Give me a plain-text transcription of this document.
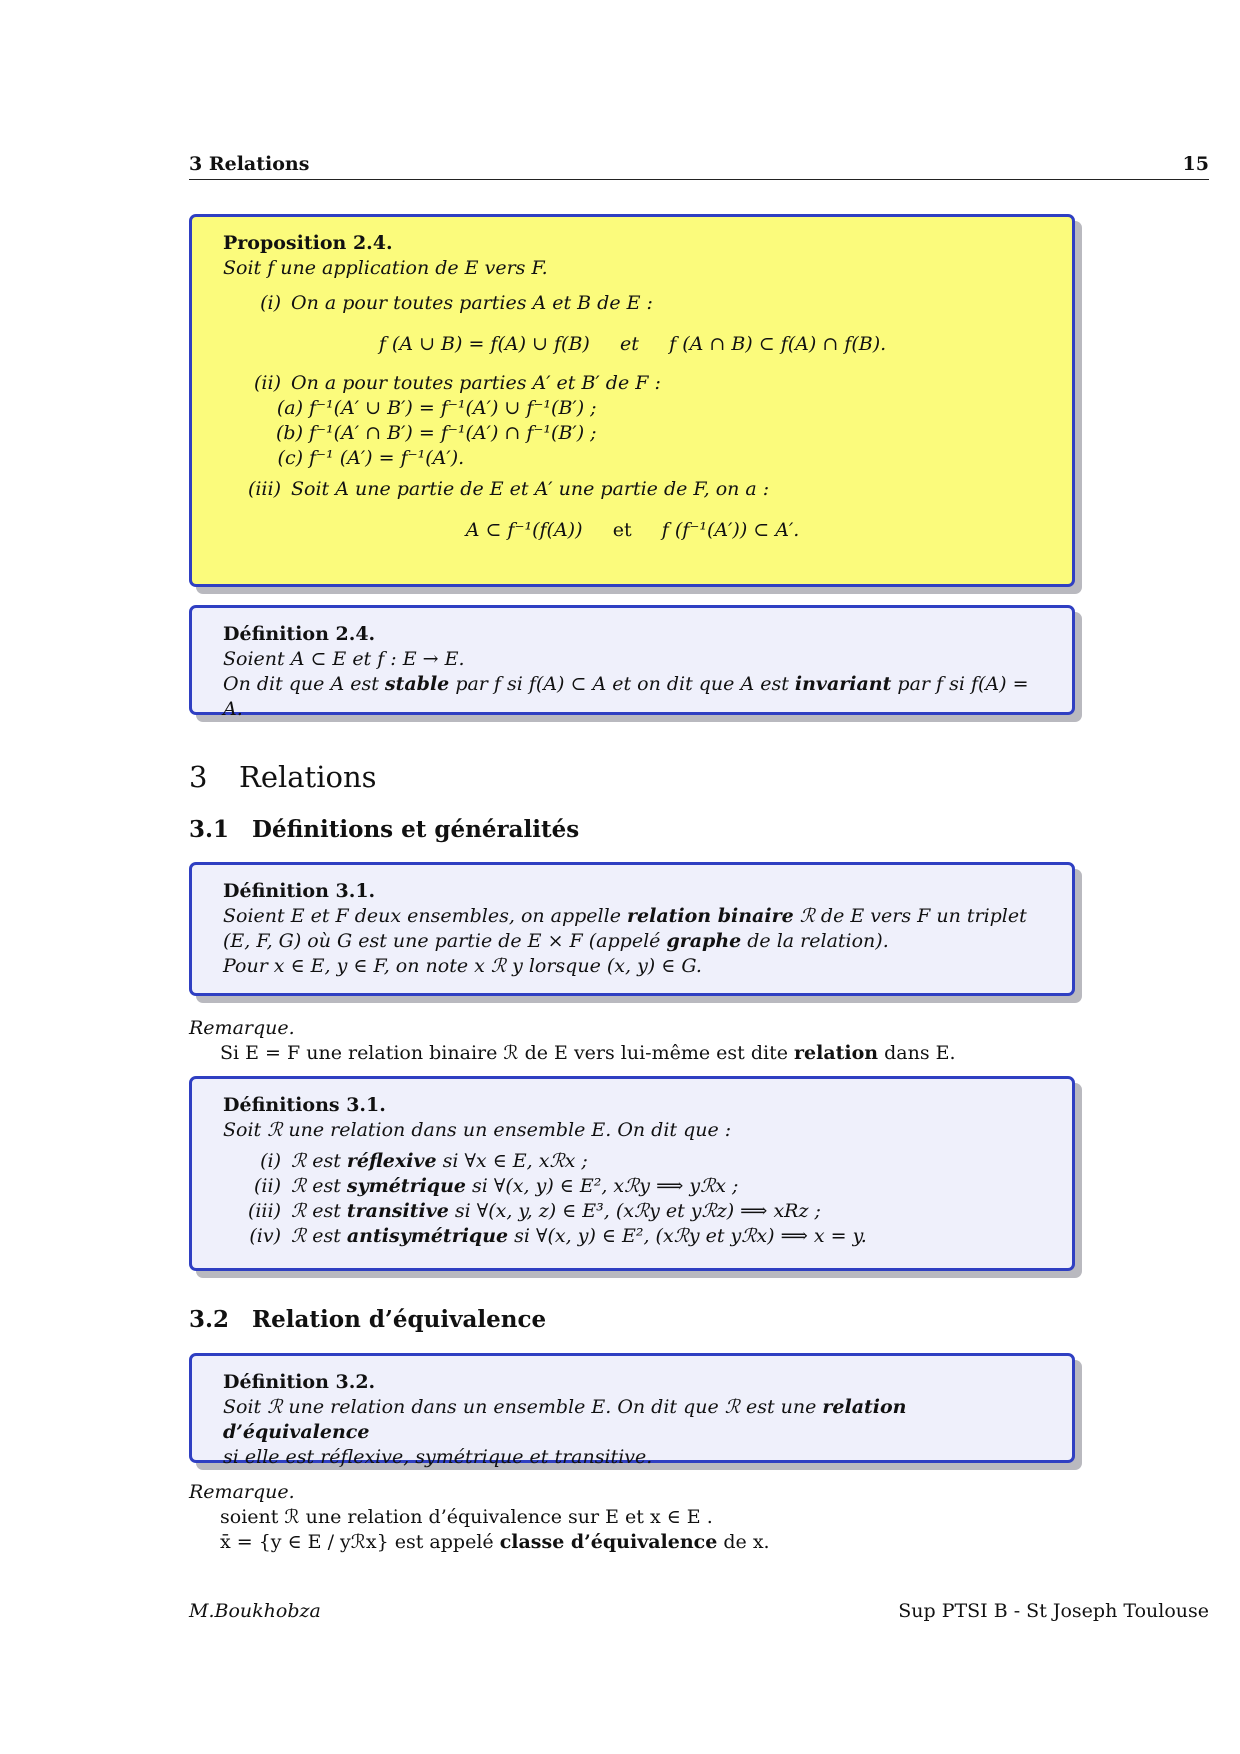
3 Relations	15
Proposition 2.4.
Soit f une application de E vers F.
(i) On a pour toutes parties A et B de E :
f (A ∪ B) = f(A) ∪ f(B) et f (A ∩ B) ⊂ f(A) ∩ f(B).
(ii) On a pour toutes parties A′ et B′ de F :
(a) f⁻¹(A′ ∪ B′) = f⁻¹(A′) ∪ f⁻¹(B′) ;
(b) f⁻¹(A′ ∩ B′) = f⁻¹(A′) ∩ f⁻¹(B′) ;
(c) f⁻¹ (A′) = f⁻¹(A′).
(iii) Soit A une partie de E et A′ une partie de F, on a :
A ⊂ f⁻¹(f(A)) et f (f⁻¹(A′)) ⊂ A′.
Définition 2.4.
Soient A ⊂ E et f : E → E.
On dit que A est stable par f si f(A) ⊂ A et on dit que A est invariant par f si f(A) = A.
3 Relations
3.1 Définitions et généralités
Définition 3.1.
Soient E et F deux ensembles, on appelle relation binaire ℛ de E vers F un triplet
(E, F, G) où G est une partie de E × F (appelé graphe de la relation).
Pour x ∈ E, y ∈ F, on note x ℛ y lorsque (x, y) ∈ G.
Remarque.
Si E = F une relation binaire ℛ de E vers lui-même est dite relation dans E.
Définitions 3.1.
Soit ℛ une relation dans un ensemble E. On dit que :
(i) ℛ est réflexive si ∀x ∈ E, xℛx ;
(ii) ℛ est symétrique si ∀(x, y) ∈ E², xℛy ⟹ yℛx ;
(iii) ℛ est transitive si ∀(x, y, z) ∈ E³, (xℛy et yℛz) ⟹ xRz ;
(iv) ℛ est antisymétrique si ∀(x, y) ∈ E², (xℛy et yℛx) ⟹ x = y.
3.2 Relation d’équivalence
Définition 3.2.
Soit ℛ une relation dans un ensemble E. On dit que ℛ est une relation d’équivalence
si elle est réflexive, symétrique et transitive.
Remarque.
soient ℛ une relation d’équivalence sur E et x ∈ E .
x̄ = {y ∈ E / yℛx} est appelé classe d’équivalence de x.
M.Boukhobza	Sup PTSI B - St Joseph Toulouse
